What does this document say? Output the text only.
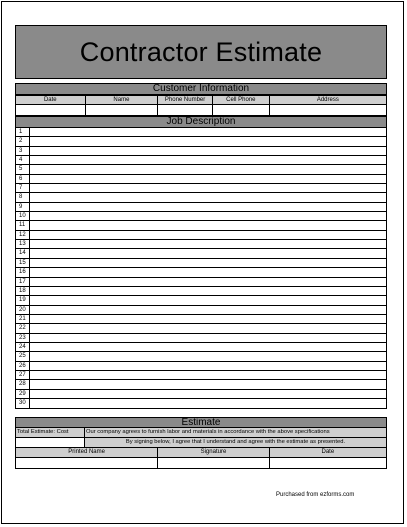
Contractor Estimate
Customer Information
Date	Name	Phone Number	Cell Phone	Address
Job Description
1
2
3
4
5
6
7
8
9
10
11
12
13
14
15
16
17
18
19
20
21
22
23
24
25
26
27
28
29
30
Estimate
Total Estimate: Cost	Our company agrees to furnish labor and materials in accordance with the above specifications
By signing below, I agree that I understand and agree with the estimate as presented.
Printed Name	Signature	Date
Purchased from ezforms.com
